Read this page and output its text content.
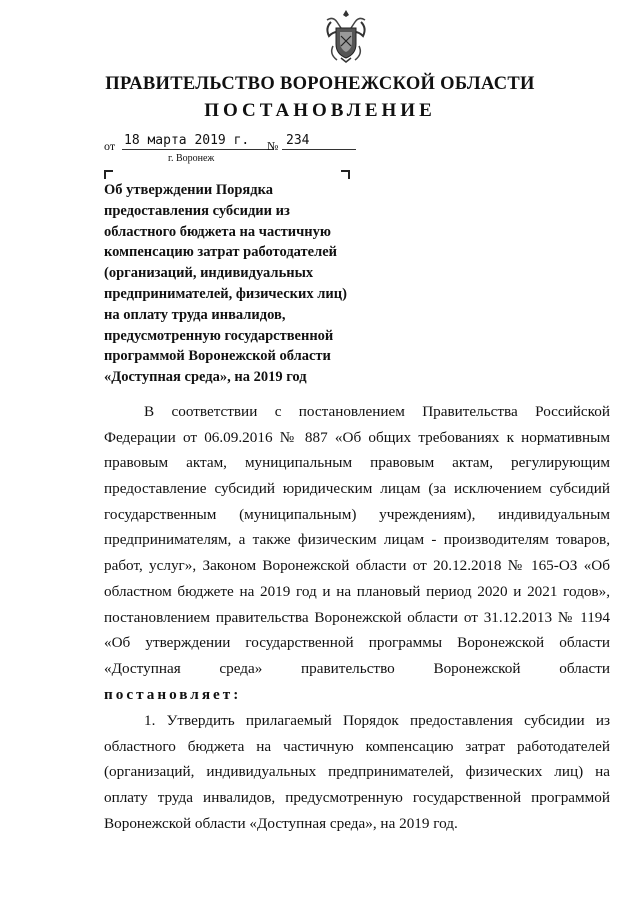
ПРАВИТЕЛЬСТВО ВОРОНЕЖСКОЙ ОБЛАСТИ
ПОСТАНОВЛЕНИЕ
от 18 марта 2019 г.	№ 234
г. Воронеж
Об утверждении Порядка
предоставления субсидии из
областного бюджета на частичную
компенсацию затрат работодателей
(организаций, индивидуальных
предпринимателей, физических лиц)
на оплату труда инвалидов,
предусмотренную государственной
программой Воронежской области
«Доступная среда», на 2019 год
В соответствии с постановлением Правительства Российской
Федерации от 06.09.2016 № 887 «Об общих требованиях к нормативным
правовым актам, муниципальным правовым актам, регулирующим
предоставление субсидий юридическим лицам (за исключением субсидий
государственным (муниципальным) учреждениям), индивидуальным
предпринимателям, а также физическим лицам - производителям товаров,
работ, услуг», Законом Воронежской области от 20.12.2018 № 165-ОЗ «Об
областном бюджете на 2019 год и на плановый период 2020 и 2021 годов»,
постановлением правительства Воронежской области от 31.12.2013 № 1194
«Об утверждении государственной программы Воронежской области
«Доступная среда» правительство Воронежской области
постановляет:
1. Утвердить прилагаемый Порядок предоставления субсидии из
областного бюджета на частичную компенсацию затрат работодателей
(организаций, индивидуальных предпринимателей, физических лиц) на
оплату труда инвалидов, предусмотренную государственной программой
Воронежской области «Доступная среда», на 2019 год.
